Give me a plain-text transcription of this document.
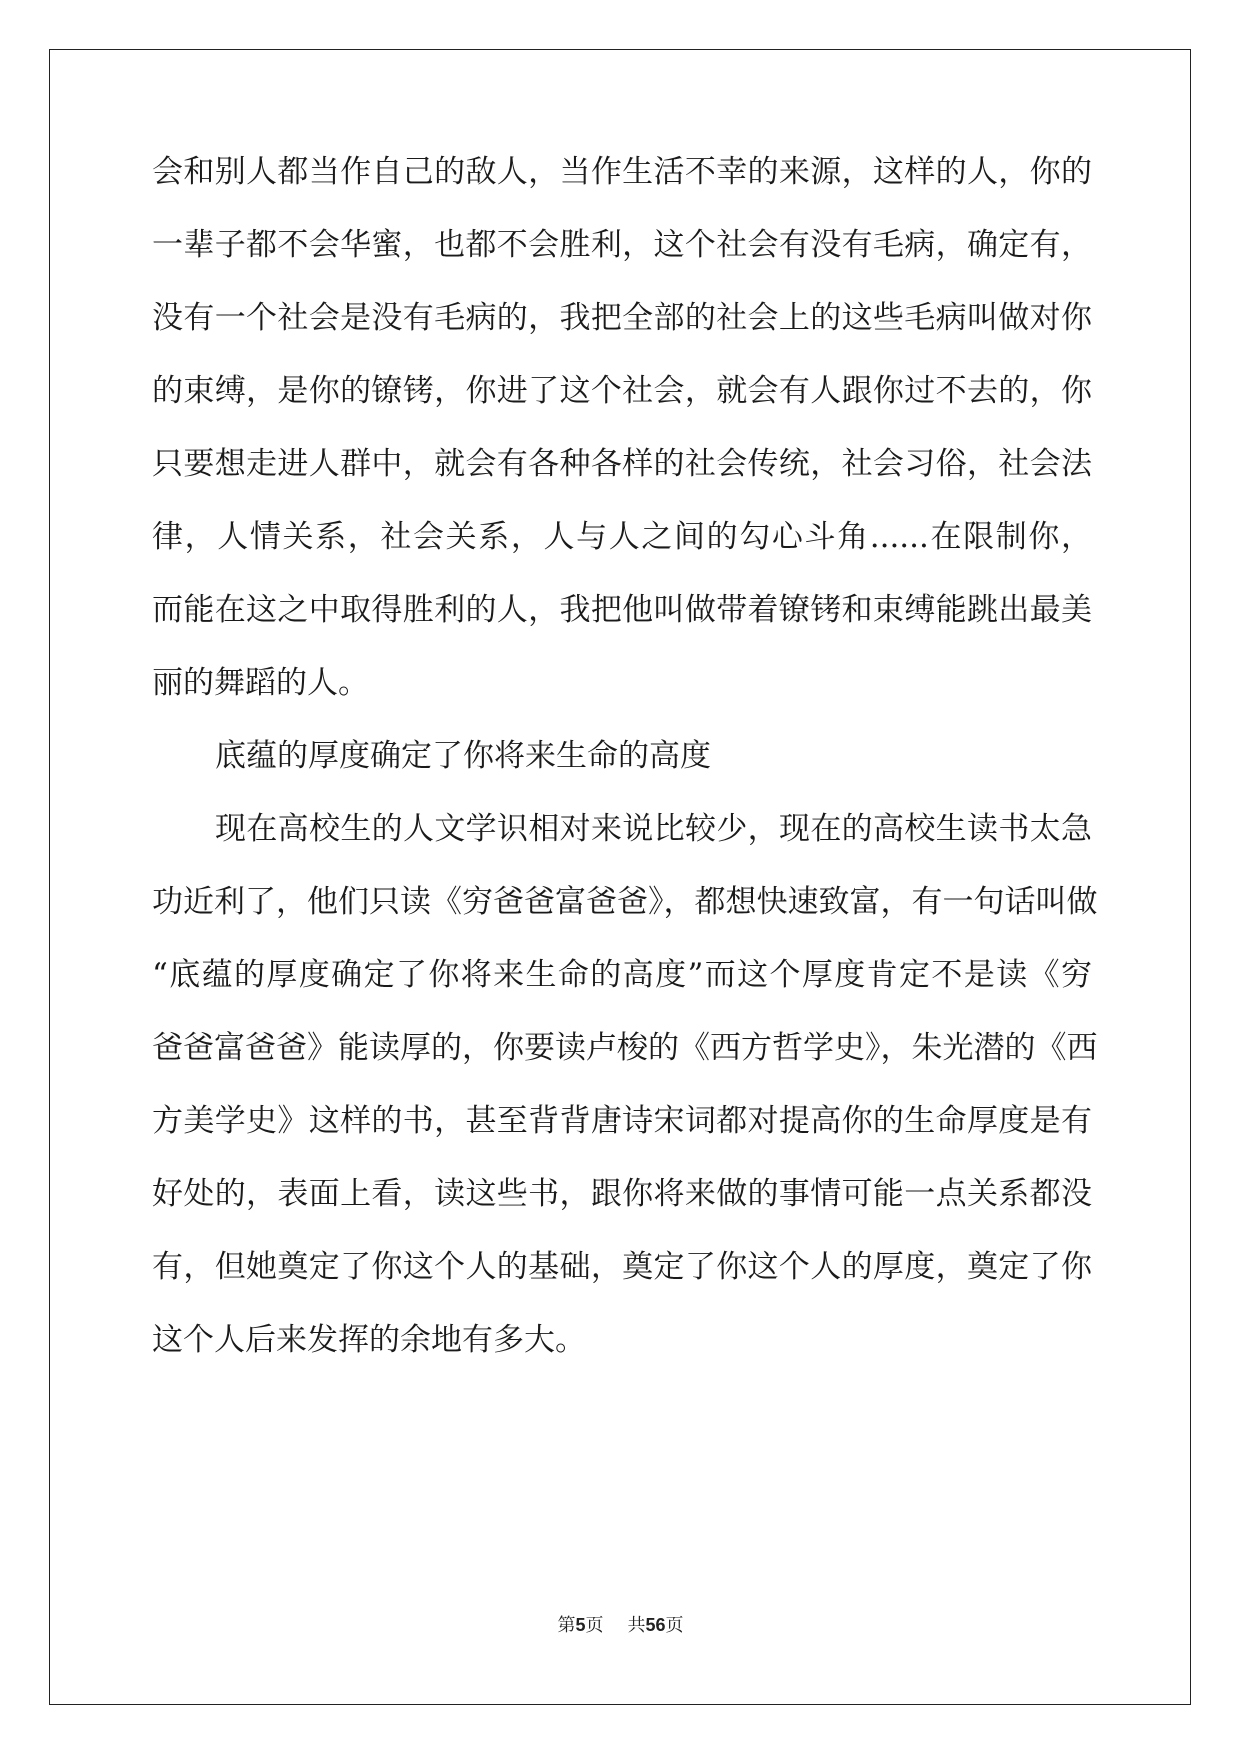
会和别人都当作自己的敌人，当作生活不幸的来源，这样的人，你的
一辈子都不会华蜜，也都不会胜利，这个社会有没有毛病，确定有，
没有一个社会是没有毛病的，我把全部的社会上的这些毛病叫做对你
的束缚，是你的镣铐，你进了这个社会，就会有人跟你过不去的，你
只要想走进人群中，就会有各种各样的社会传统，社会习俗，社会法
律，人情关系，社会关系，人与人之间的勾心斗角......在限制你，
而能在这之中取得胜利的人，我把他叫做带着镣铐和束缚能跳出最美
丽的舞蹈的人。
底蕴的厚度确定了你将来生命的高度
现在高校生的人文学识相对来说比较少，现在的高校生读书太急
功近利了，他们只读《穷爸爸富爸爸》，都想快速致富，有一句话叫做
“底蕴的厚度确定了你将来生命的高度”而这个厚度肯定不是读《穷
爸爸富爸爸》能读厚的，你要读卢梭的《西方哲学史》，朱光潜的《西
方美学史》这样的书，甚至背背唐诗宋词都对提高你的生命厚度是有
好处的，表面上看，读这些书，跟你将来做的事情可能一点关系都没
有，但她奠定了你这个人的基础，奠定了你这个人的厚度，奠定了你
这个人后来发挥的余地有多大。
第5页 共56页
